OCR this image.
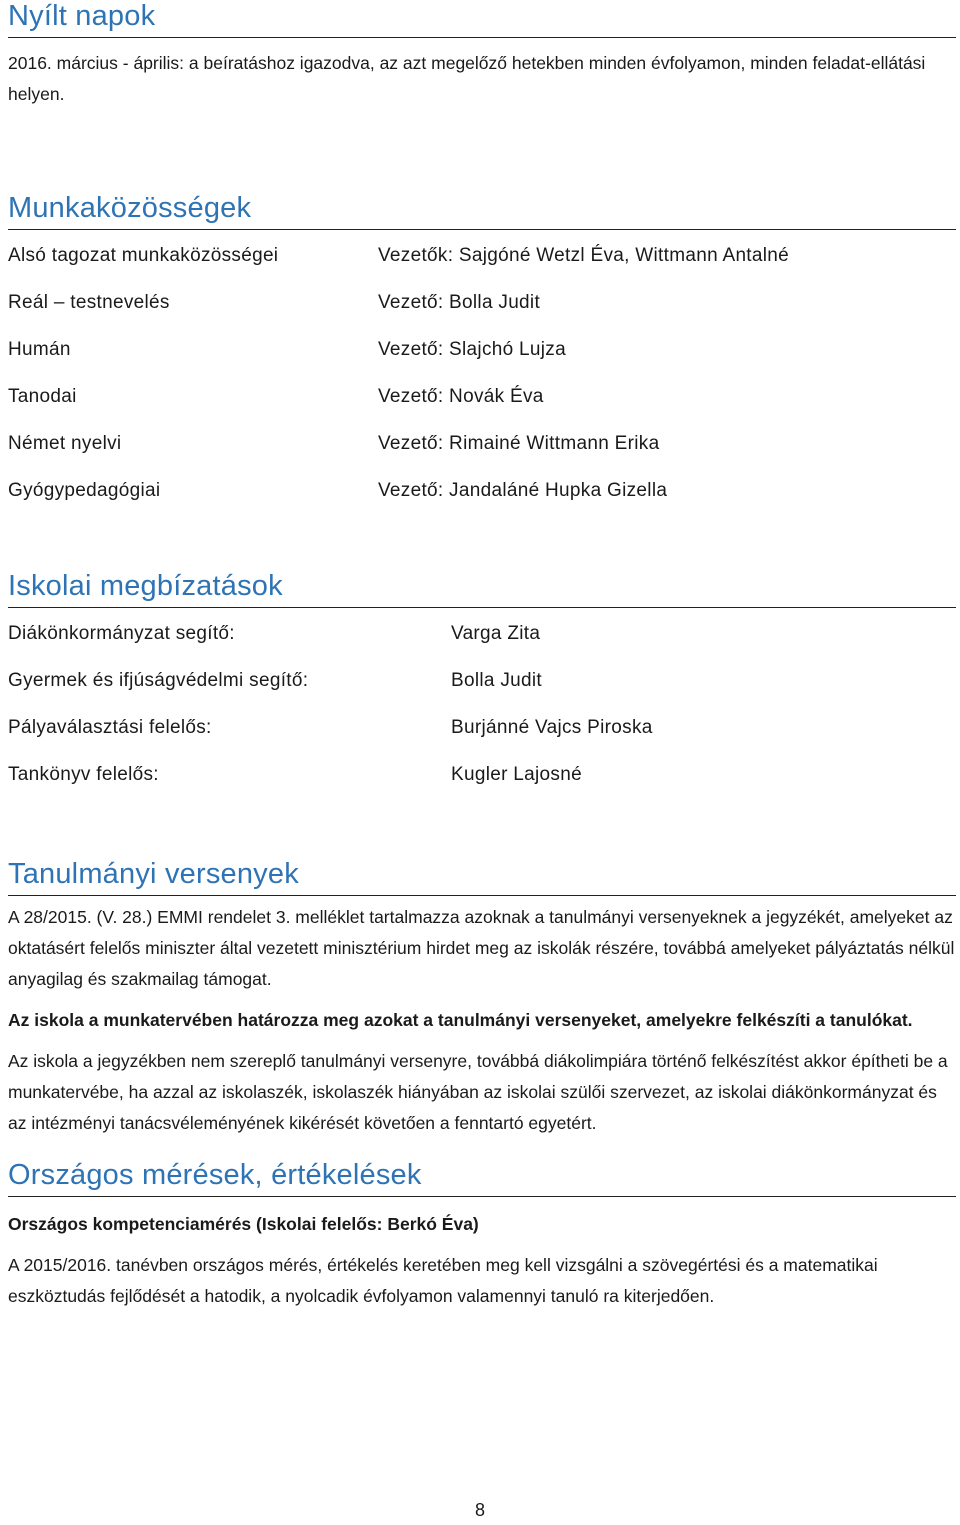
Nyílt napok

2016. március - április: a beíratáshoz igazodva, az azt megelőző hetekben minden évfolyamon, minden feladat-ellátási helyen.

Munkaközösségek
Alsó tagozat munkaközösségei
Reál – testnevelés
Humán
Tanodai
Német nyelvi
Gyógypedagógiai
Vezetők: Sajgóné Wetzl Éva, Wittmann Antalné
Vezető: Bolla Judit
Vezető: Slajchó Lujza
Vezető: Novák Éva
Vezető: Rimainé Wittmann Erika
Vezető: Jandaláné Hupka Gizella
Iskolai megbízatások
Diákönkormányzat segítő:
Gyermek és ifjúságvédelmi segítő:
Pályaválasztási felelős:
Tankönyv felelős:
Varga Zita
Bolla Judit
Burjánné Vajcs Piroska
Kugler Lajosné
Tanulmányi versenyek

A 28/2015. (V. 28.) EMMI rendelet 3. melléklet tartalmazza azoknak a tanulmányi versenyeknek a jegyzékét, amelyeket az oktatásért felelős miniszter által vezetett minisztérium hirdet meg az iskolák részére, továbbá amelyeket pályáztatás nélkül anyagilag és szakmailag támogat.

Az iskola a munkatervében határozza meg azokat a tanulmányi versenyeket, amelyekre felkészíti a tanulókat.

Az iskola a jegyzékben nem szereplő tanulmányi versenyre, továbbá diákolimpiára történő felkészítést akkor építheti be a munkatervébe, ha azzal az iskolaszék, iskolaszék hiányában az iskolai szülői szervezet, az iskolai diákönkormányzat és az intézményi tanácsvéleményének kikérését követően a fenntartó egyetért.

Országos mérések, értékelések

Országos kompetenciamérés (Iskolai felelős: Berkó Éva)

A 2015/2016. tanévben országos mérés, értékelés keretében meg kell vizsgálni a szövegértési és a matematikai eszköztudás fejlődését a hatodik, a nyolcadik évfolyamon valamennyi tanuló ra kiterjedően.

8
